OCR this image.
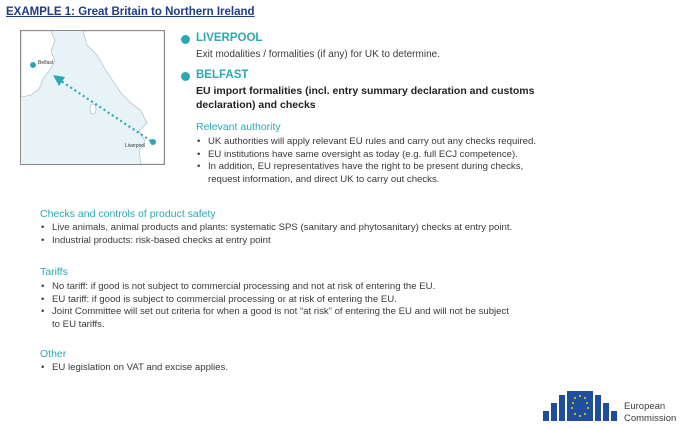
EXAMPLE 1: Great Britain to Northern Ireland
Belfast
Liverpool
LIVERPOOL
Exit modalities / formalities (if any) for UK to determine.
BELFAST
EU import formalities (incl. entry summary declaration and customs
declaration) and checks
Relevant authority
• UK authorities will apply relevant EU rules and carry out any checks required.
• EU institutions have same oversight as today (e.g. full ECJ competence).
• In addition, EU representatives have the right to be present during checks,
request information, and direct UK to carry out checks.
Checks and controls of product safety
• Live animals, animal products and plants: systematic SPS (sanitary and phytosanitary) checks at entry point.
• Industrial products: risk-based checks at entry point
Tariffs
• No tariff: if good is not subject to commercial processing and not at risk of entering the EU.
• EU tariff: if good is subject to commercial processing or at risk of entering the EU.
• Joint Committee will set out criteria for when a good is not “at risk” of entering the EU and will not be subject
to EU tariffs.
Other
• EU legislation on VAT and excise applies.
European
Commission
